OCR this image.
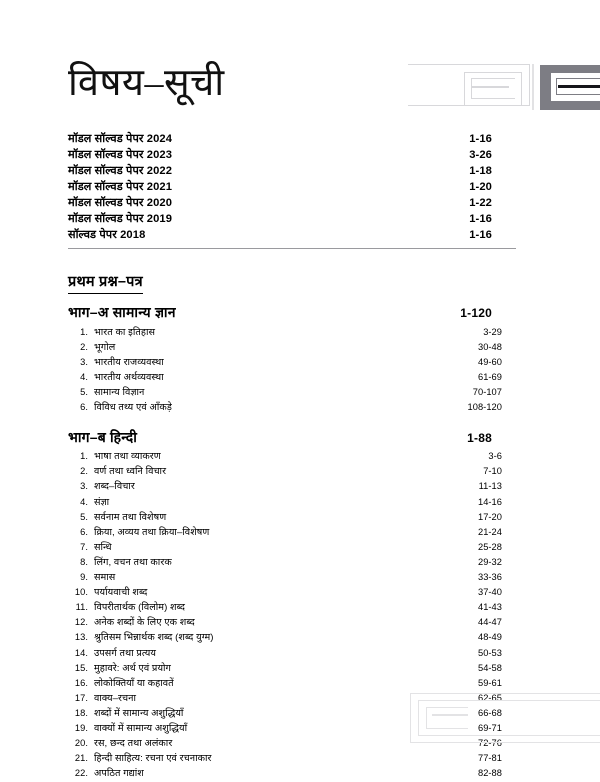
विषय–सूची
मॉडल सॉल्वड पेपर 2024	1-16
मॉडल सॉल्वड पेपर 2023	3-26
मॉडल सॉल्वड पेपर 2022	1-18
मॉडल सॉल्वड पेपर 2021	1-20
मॉडल सॉल्वड पेपर 2020	1-22
मॉडल सॉल्वड पेपर 2019	1-16
सॉल्वड पेपर 2018	1-16
प्रथम प्रश्न–पत्र
भाग–अ सामान्य ज्ञान	1-120
1. भारत का इतिहास	3-29
2. भूगोल	30-48
3. भारतीय राजव्यवस्था	49-60
4. भारतीय अर्थव्यवस्था	61-69
5. सामान्य विज्ञान	70-107
6. विविध तथ्य एवं आँकड़े	108-120
भाग–ब हिन्दी	1-88
1. भाषा तथा व्याकरण	3-6
2. वर्ण तथा ध्वनि विचार	7-10
3. शब्द–विचार	11-13
4. संज्ञा	14-16
5. सर्वनाम तथा विशेषण	17-20
6. क्रिया, अव्यय तथा क्रिया–विशेषण	21-24
7. सन्धि	25-28
8. लिंग, वचन तथा कारक	29-32
9. समास	33-36
10. पर्यायवाची शब्द	37-40
11. विपरीतार्थक (विलोम) शब्द	41-43
12. अनेक शब्दों के लिए एक शब्द	44-47
13. श्रुतिसम भिन्नार्थक शब्द (शब्द युग्म)	48-49
14. उपसर्ग तथा प्रत्यय	50-53
15. मुहावरे: अर्थ एवं प्रयोग	54-58
16. लोकोक्तियाँ या कहावतें	59-61
17. वाक्य–रचना	62-65
18. शब्दों में सामान्य अशुद्धियाँ	66-68
19. वाक्यों में सामान्य अशुद्धियाँ	69-71
20. रस, छन्द तथा अलंकार	72-76
21. हिन्दी साहित्य: रचना एवं रचनाकार	77-81
22. अपठित गद्यांश	82-88
